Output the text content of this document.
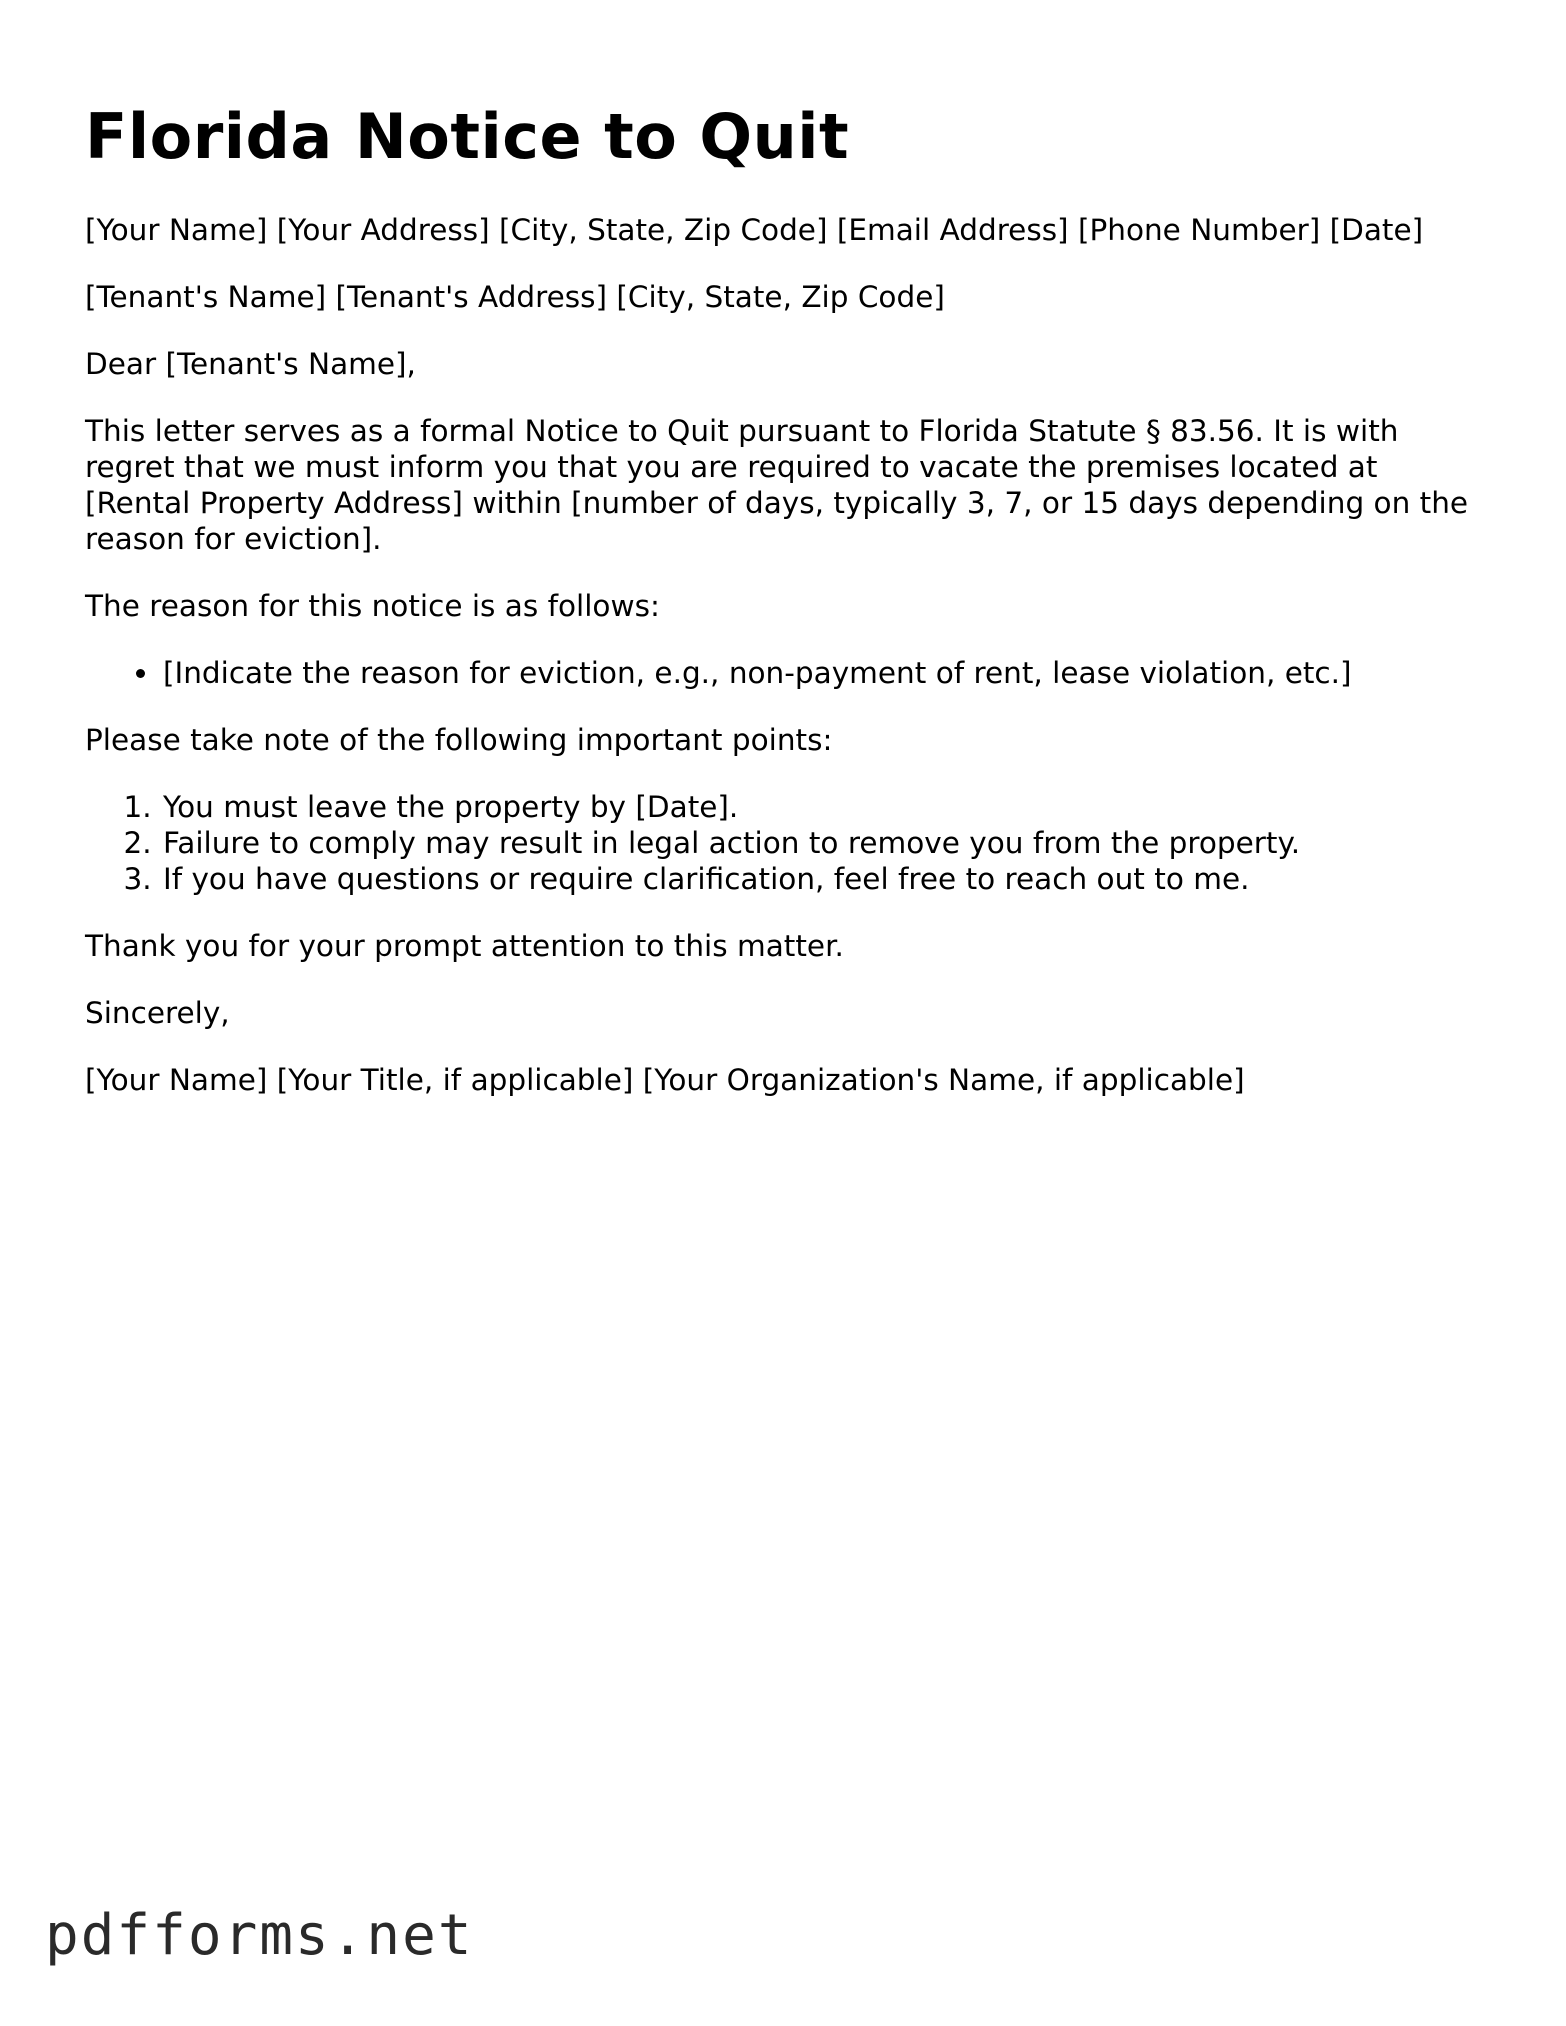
Florida Notice to Quit

[Your Name] [Your Address] [City, State, Zip Code] [Email Address] [Phone Number] [Date]

[Tenant's Name] [Tenant's Address] [City, State, Zip Code]

Dear [Tenant's Name],

This letter serves as a formal Notice to Quit pursuant to Florida Statute § 83.56. It is with regret that we must inform you that you are required to vacate the premises located at [Rental Property Address] within [number of days, typically 3, 7, or 15 days depending on the reason for eviction].

The reason for this notice is as follows:

• [Indicate the reason for eviction, e.g., non-payment of rent, lease violation, etc.]

Please take note of the following important points:

1. You must leave the property by [Date].
2. Failure to comply may result in legal action to remove you from the property.
3. If you have questions or require clarification, feel free to reach out to me.

Thank you for your prompt attention to this matter.

Sincerely,

[Your Name] [Your Title, if applicable] [Your Organization's Name, if applicable]

pdfforms.net
